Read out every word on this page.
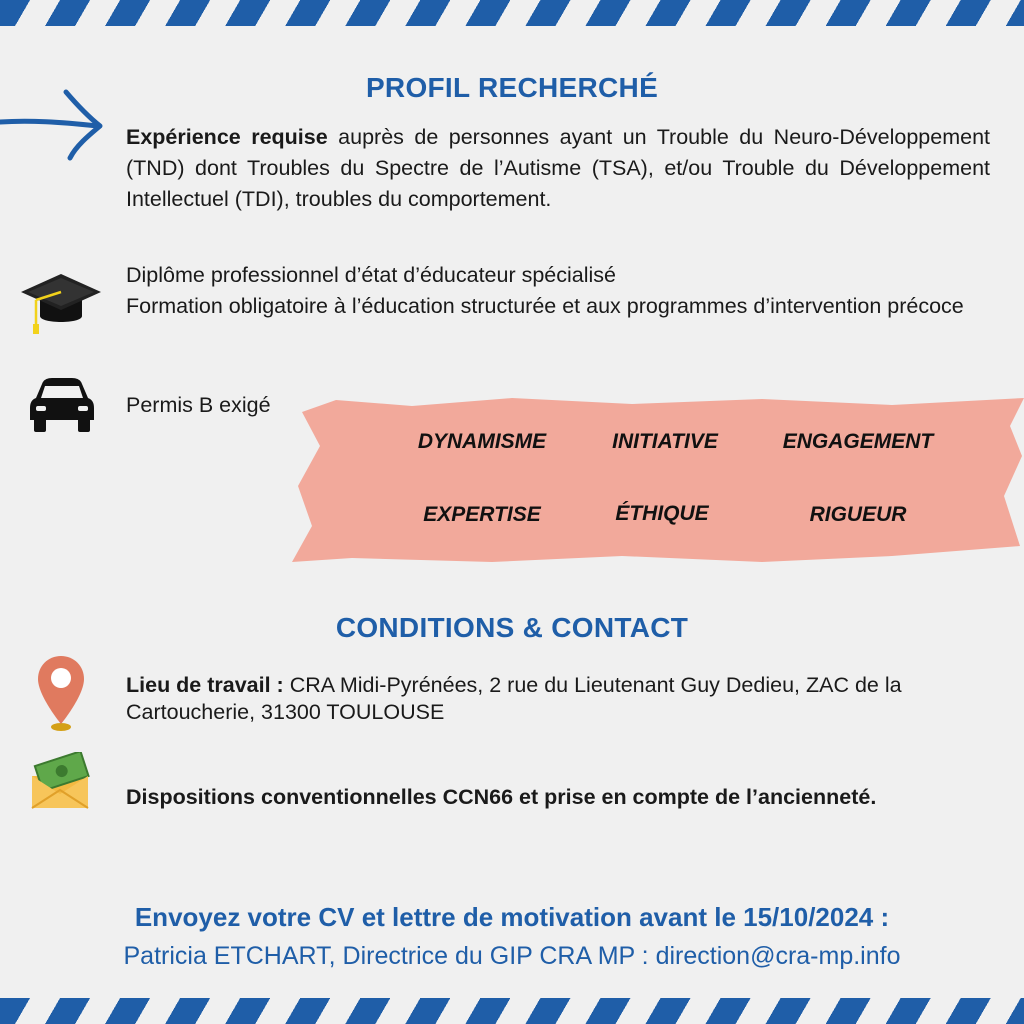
PROFIL RECHERCHÉ
Expérience requise auprès de personnes ayant un Trouble du Neuro-Développement (TND) dont Troubles du Spectre de l’Autisme (TSA), et/ou Trouble du Développement Intellectuel (TDI), troubles du comportement.
Diplôme professionnel d’état d’éducateur spécialisé
Formation obligatoire à l’éducation structurée et aux programmes d’intervention précoce
Permis B exigé
DYNAMISME	INITIATIVE	ENGAGEMENT
EXPERTISE	ÉTHIQUE	RIGUEUR
CONDITIONS & CONTACT
Lieu de travail : CRA Midi-Pyrénées, 2 rue du Lieutenant Guy Dedieu, ZAC de la Cartoucherie, 31300 TOULOUSE
Dispositions conventionnelles CCN66 et prise en compte de l’ancienneté.
Envoyez votre CV et lettre de motivation avant le 15/10/2024 :
Patricia ETCHART, Directrice du GIP CRA MP : direction@cra-mp.info
